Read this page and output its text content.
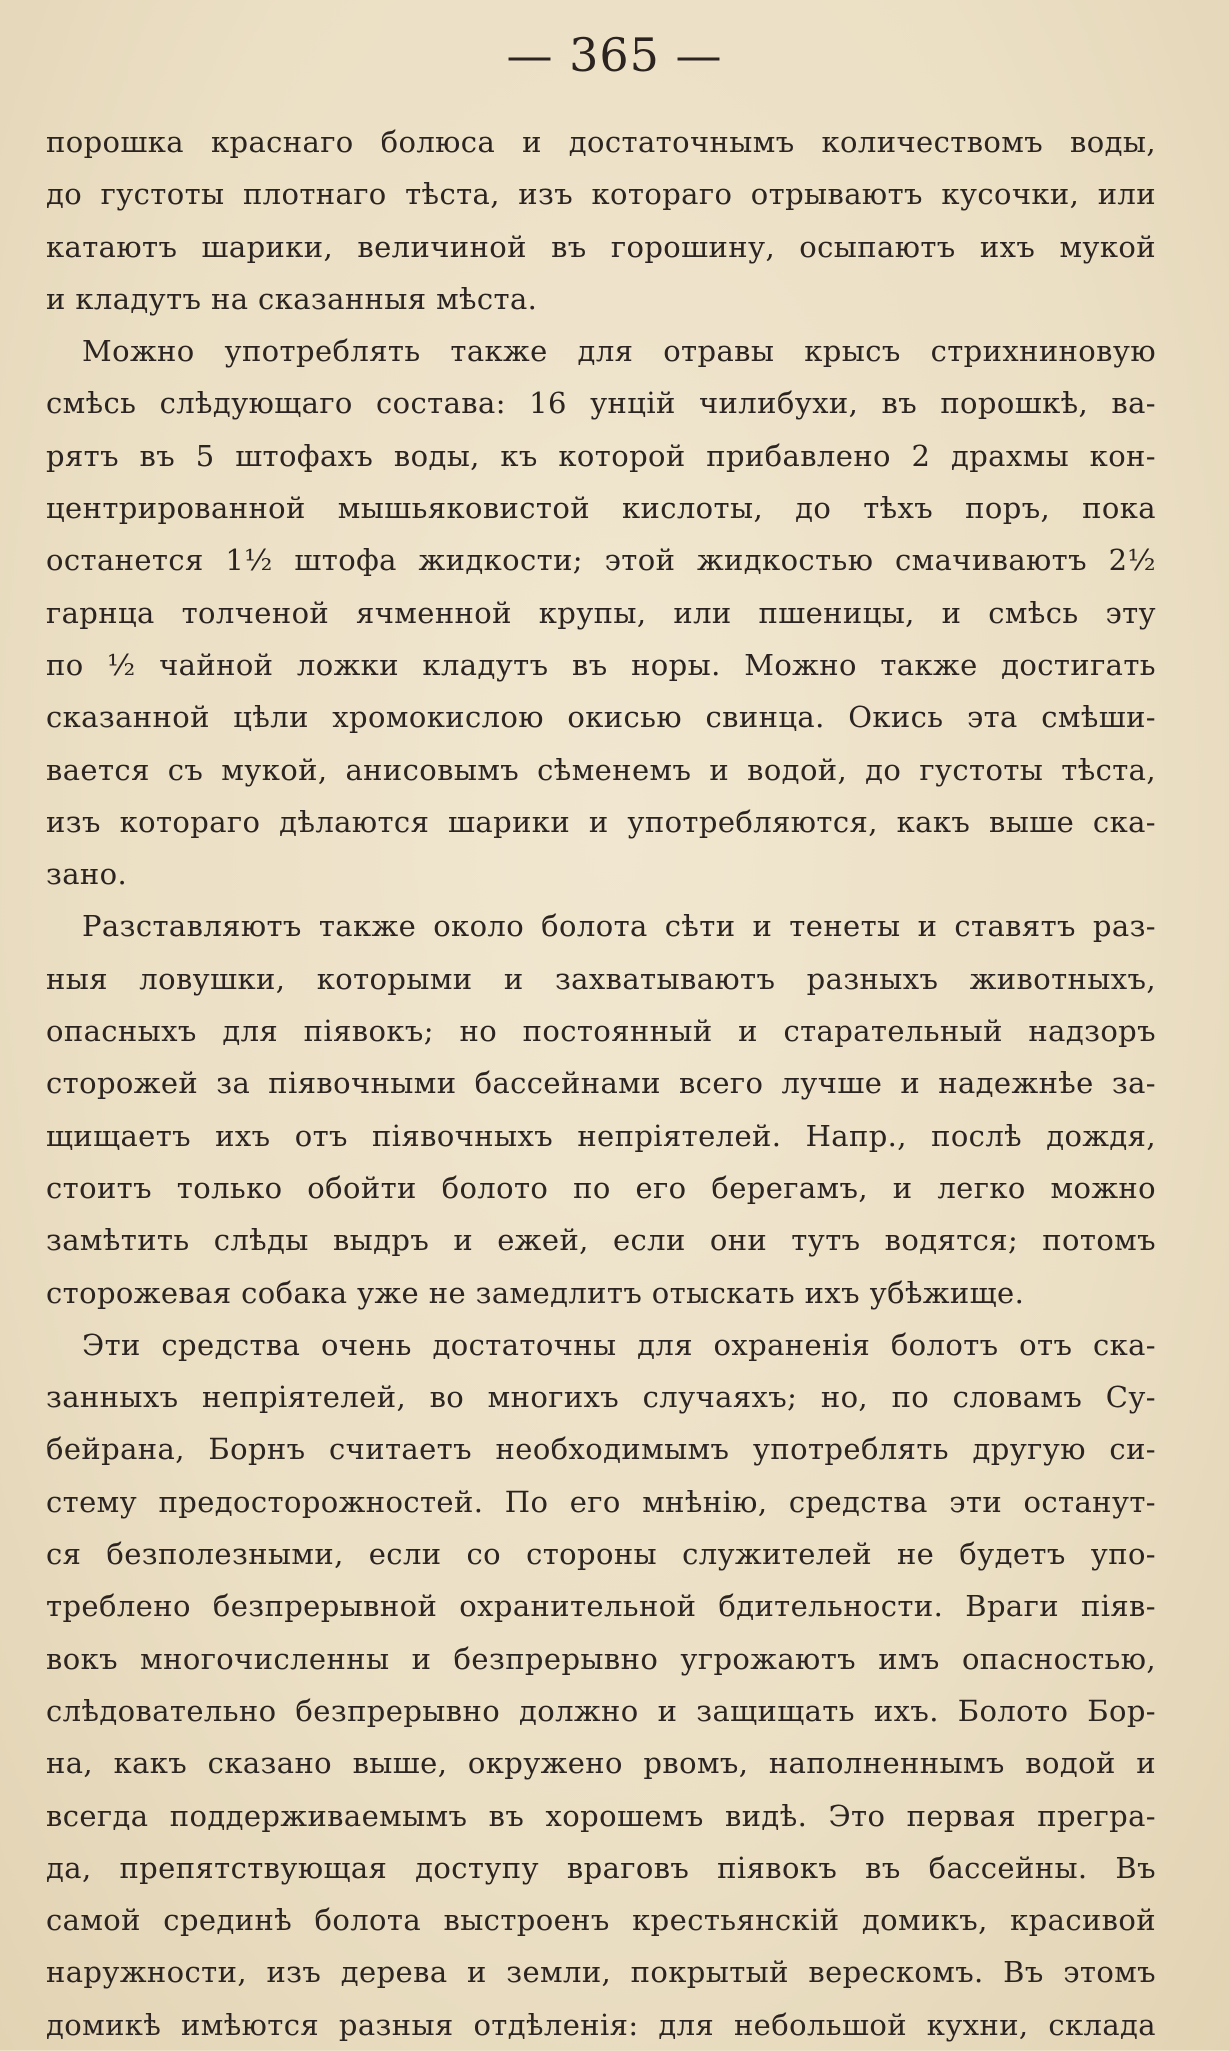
— 365 —
порошка краснаго болюса и достаточнымъ количествомъ воды,
до густоты плотнаго тѣста, изъ котораго отрываютъ кусочки, или
катаютъ шарики, величиной въ горошину, осыпаютъ ихъ мукой
и кладутъ на сказанныя мѣста.
Можно употреблять также для отравы крысъ стрихниновую
смѣсь слѣдующаго состава: 16 унцій чилибухи, въ порошкѣ, ва-
рятъ въ 5 штофахъ воды, къ которой прибавлено 2 драхмы кон-
центрированной мышьяковистой кислоты, до тѣхъ поръ, пока
останется 1½ штофа жидкости; этой жидкостью смачиваютъ 2½
гарнца толченой ячменной крупы, или пшеницы, и смѣсь эту
по ½ чайной ложки кладутъ въ норы. Можно также достигать
сказанной цѣли хромокислою окисью свинца. Окись эта смѣши-
вается съ мукой, анисовымъ сѣменемъ и водой, до густоты тѣста,
изъ котораго дѣлаются шарики и употребляются, какъ выше ска-
зано.
Разставляютъ также около болота сѣти и тенеты и ставятъ раз-
ныя ловушки, которыми и захватываютъ разныхъ животныхъ,
опасныхъ для піявокъ; но постоянный и старательный надзоръ
сторожей за піявочными бассейнами всего лучше и надежнѣе за-
щищаетъ ихъ отъ піявочныхъ непріятелей. Напр., послѣ дождя,
стоитъ только обойти болото по его берегамъ, и легко можно
замѣтить слѣды выдръ и ежей, если они тутъ водятся; потомъ
сторожевая собака уже не замедлитъ отыскать ихъ убѣжище.
Эти средства очень достаточны для охраненія болотъ отъ ска-
занныхъ непріятелей, во многихъ случаяхъ; но, по словамъ Су-
бейрана, Борнъ считаетъ необходимымъ употреблять другую си-
стему предосторожностей. По его мнѣнію, средства эти останут-
ся безполезными, если со стороны служителей не будетъ упо-
треблено безпрерывной охранительной бдительности. Враги піяв-
вокъ многочисленны и безпрерывно угрожаютъ имъ опасностью,
слѣдовательно безпрерывно должно и защищать ихъ. Болото Бор-
на, какъ сказано выше, окружено рвомъ, наполненнымъ водой и
всегда поддерживаемымъ въ хорошемъ видѣ. Это первая прегра-
да, препятствующая доступу враговъ піявокъ въ бассейны. Въ
самой срединѣ болота выстроенъ крестьянскій домикъ, красивой
наружности, изъ дерева и земли, покрытый верескомъ. Въ этомъ
домикѣ имѣются разныя отдѣленія: для небольшой кухни, склада
